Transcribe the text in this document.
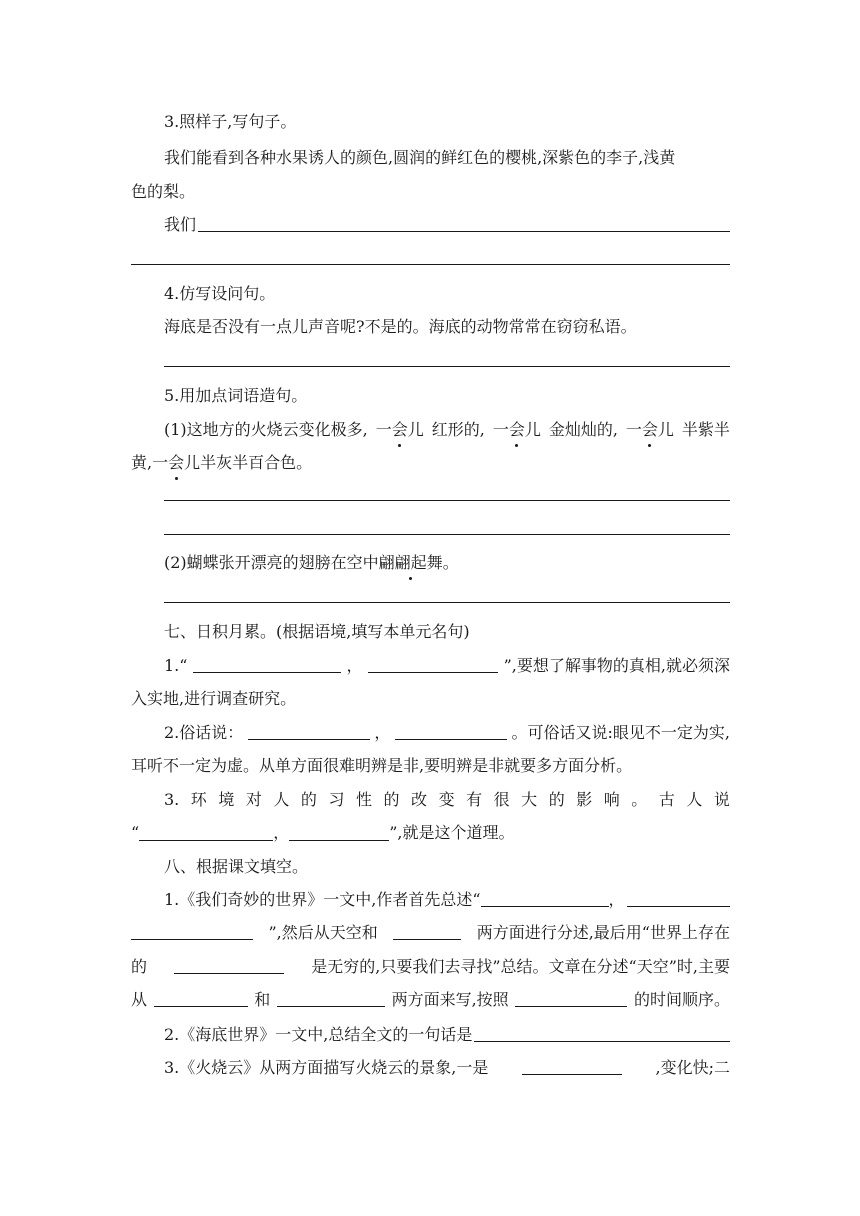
3.照样子,写句子。
我们能看到各种水果诱人的颜色,圆润的鲜红色的樱桃,深紫色的李子,浅黄
色的梨。
我们
4.仿写设问句。
海底是否没有一点儿声音呢?不是的。海底的动物常常在窃窃私语。
5.用加点词语造句。
(1)这地方的火烧云变化极多, 一会儿 红形的, 一会儿 金灿灿的, 一会儿 半紫半
黄,一会儿半灰半百合色。
(2)蝴蝶张开漂亮的翅膀在空中翩翩起舞。
七、日积月累。(根据语境,填写本单元名句)
1.“	，	”,要想了解事物的真相,就必须深
入实地,进行调查研究。
2.俗话说：	，	。可俗话又说:眼见不一定为实,
耳听不一定为虚。从单方面很难明辨是非,要明辨是非就要多方面分析。
3. 环 境 对 人 的 习 性 的 改 变 有 很 大 的 影 响 。 古 人 说
“	，	”,就是这个道理。
八、根据课文填空。
1.《我们奇妙的世界》一文中,作者首先总述“	，
”,然后从天空和	两方面进行分述,最后用“世界上存在
的	是无穷的,只要我们去寻找”总结。文章在分述“天空”时,主要
从	和	两方面来写,按照	的时间顺序。
2.《海底世界》一文中,总结全文的一句话是
3.《火烧云》从两方面描写火烧云的景象,一是	,变化快;二
